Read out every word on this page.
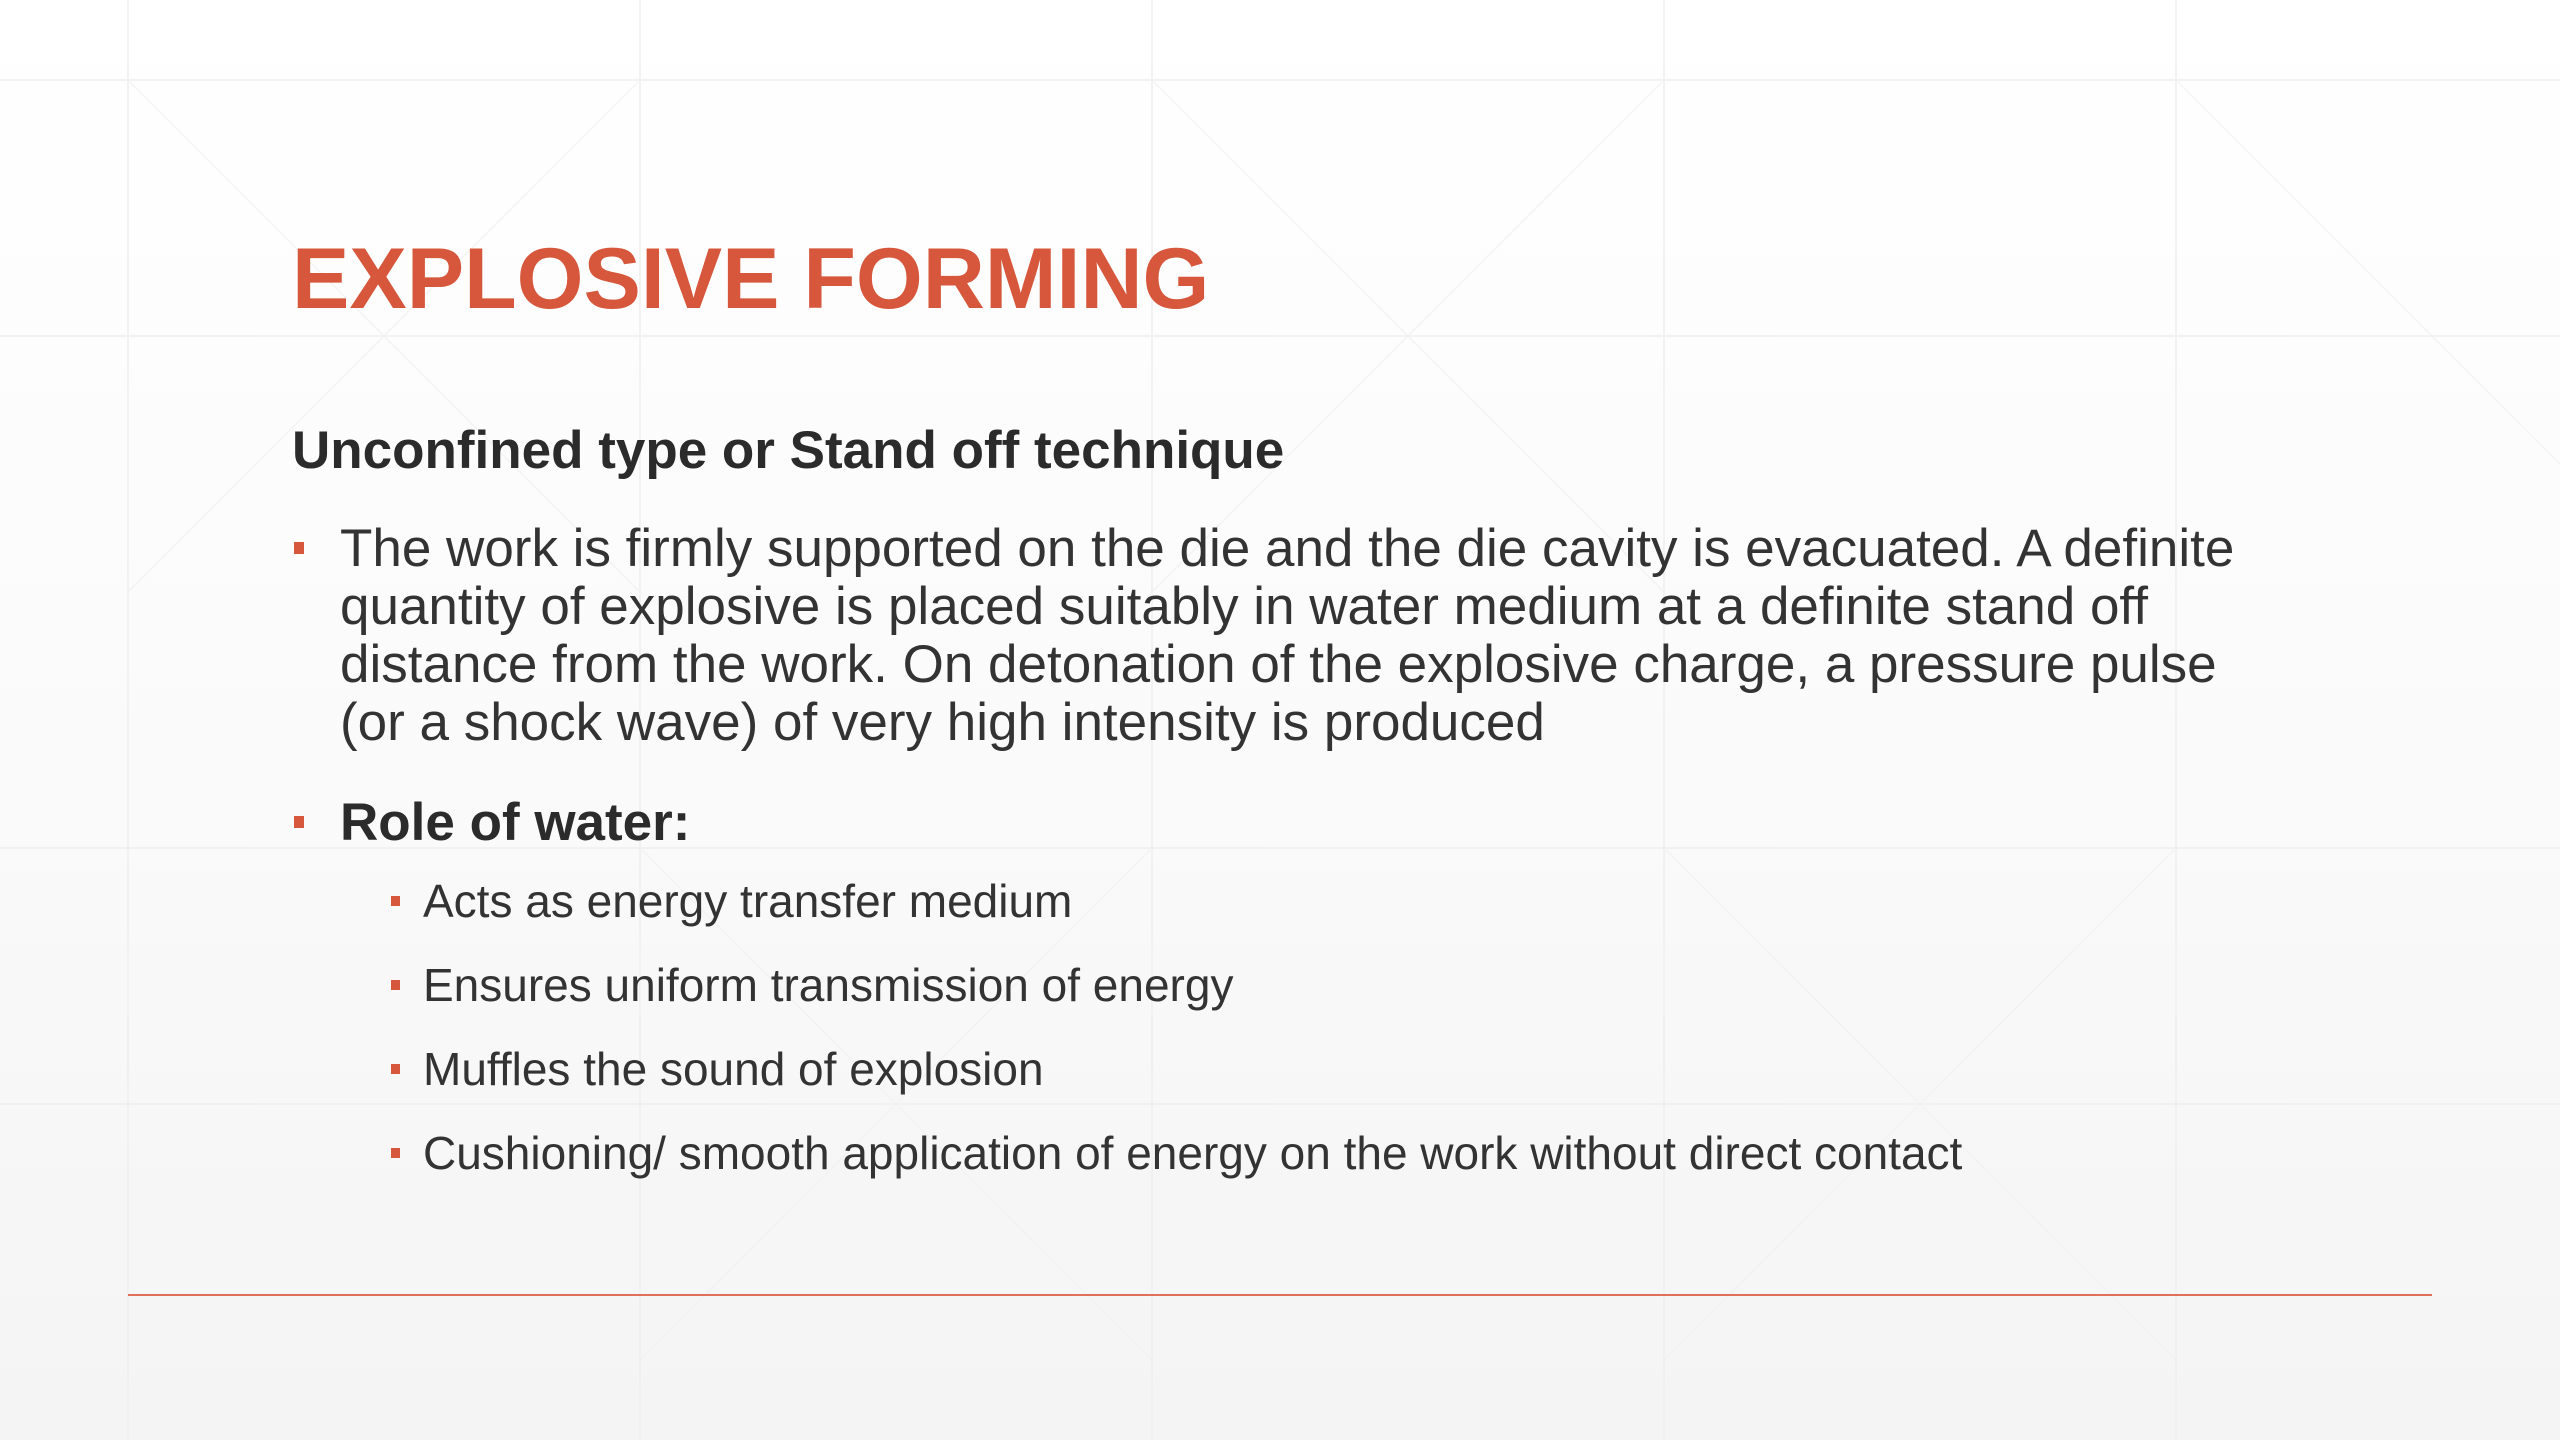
EXPLOSIVE FORMING
Unconfined type or Stand off technique
The work is firmly supported on the die and the die cavity is evacuated. A definite quantity of explosive is placed suitably in water medium at a definite stand off distance from the work. On detonation of the explosive charge, a pressure pulse (or a shock wave) of very high intensity is produced
Role of water:
Acts as energy transfer medium
Ensures uniform transmission of energy
Muffles the sound of explosion
Cushioning/ smooth application of energy on the work without direct contact
